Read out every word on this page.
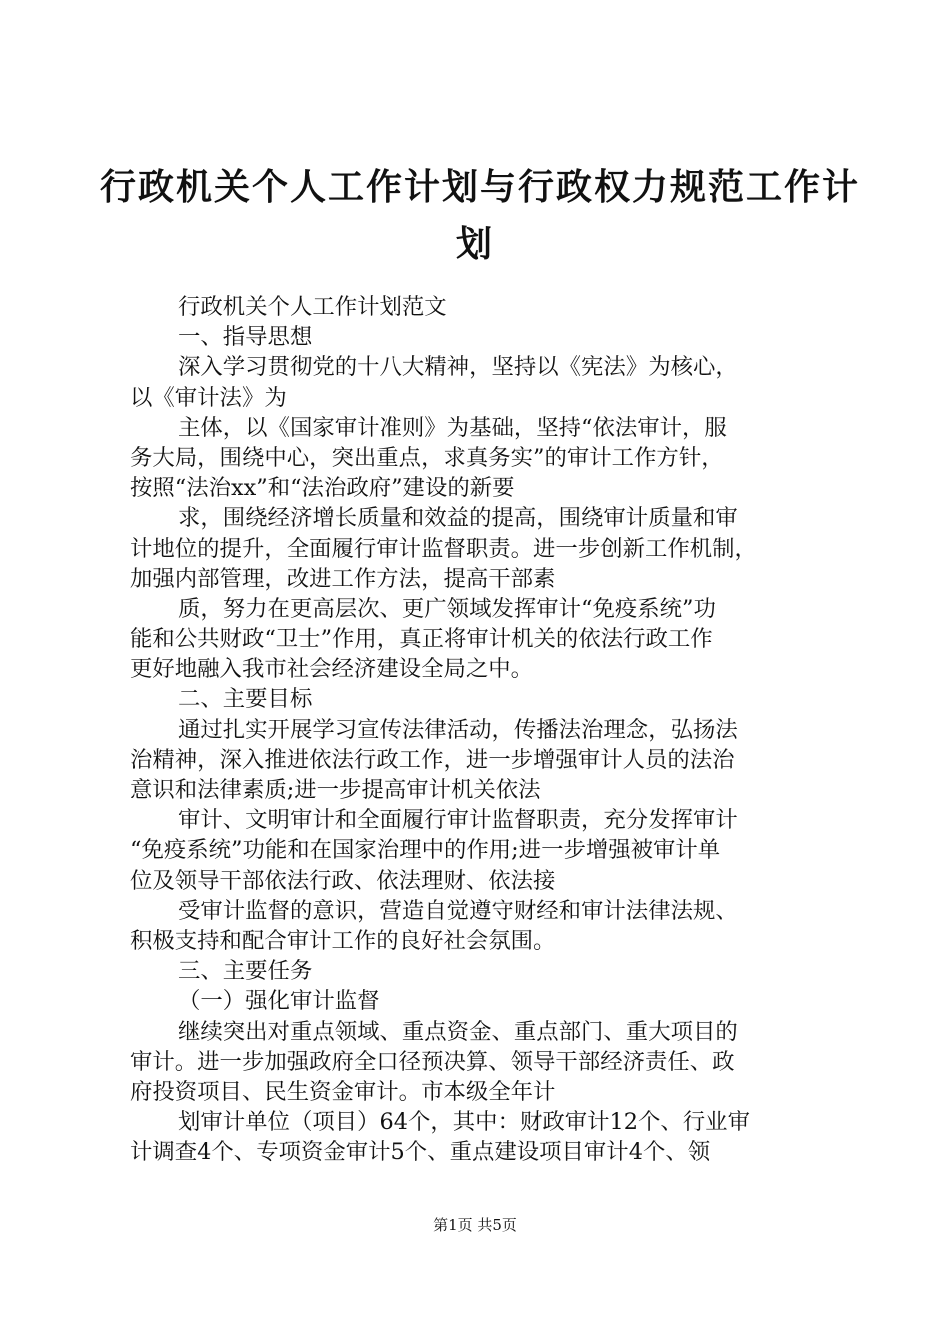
行政机关个人工作计划与行政权力规范工作计
划
行政机关个人工作计划范文
一、指导思想
深入学习贯彻党的十八大精神，坚持以《宪法》为核心，
以《审计法》为
主体，以《国家审计准则》为基础，坚持“依法审计，服
务大局，围绕中心，突出重点，求真务实”的审计工作方针，
按照“法治xx”和“法治政府”建设的新要
求，围绕经济增长质量和效益的提高，围绕审计质量和审
计地位的提升，全面履行审计监督职责。进一步创新工作机制，
加强内部管理，改进工作方法，提高干部素
质，努力在更高层次、更广领域发挥审计“免疫系统”功
能和公共财政“卫士”作用，真正将审计机关的依法行政工作
更好地融入我市社会经济建设全局之中。
二、主要目标
通过扎实开展学习宣传法律活动，传播法治理念，弘扬法
治精神，深入推进依法行政工作，进一步增强审计人员的法治
意识和法律素质;进一步提高审计机关依法
审计、文明审计和全面履行审计监督职责，充分发挥审计
“免疫系统”功能和在国家治理中的作用;进一步增强被审计单
位及领导干部依法行政、依法理财、依法接
受审计监督的意识，营造自觉遵守财经和审计法律法规、
积极支持和配合审计工作的良好社会氛围。
三、主要任务
（一）强化审计监督
继续突出对重点领域、重点资金、重点部门、重大项目的
审计。进一步加强政府全口径预决算、领导干部经济责任、政
府投资项目、民生资金审计。市本级全年计
划审计单位（项目）64个，其中：财政审计12个、行业审
计调查4个、专项资金审计5个、重点建设项目审计4个、领
第1页 共5页
